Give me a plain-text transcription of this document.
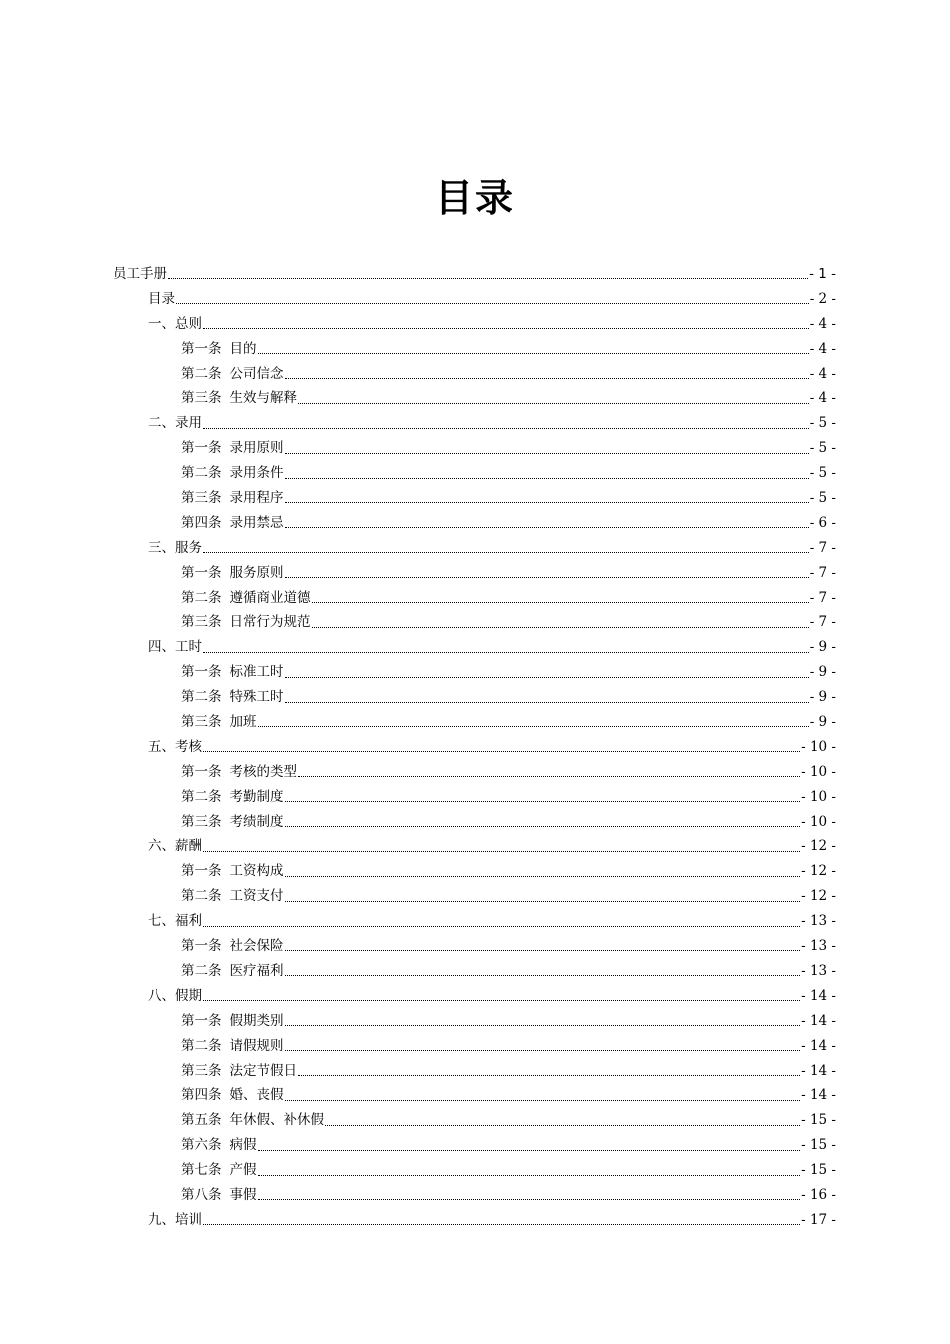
目录
员工手册	- 1 -
目录	- 2 -
一、总则	- 4 -
第一条 目的	- 4 -
第二条 公司信念	- 4 -
第三条 生效与解释	- 4 -
二、录用	- 5 -
第一条 录用原则	- 5 -
第二条 录用条件	- 5 -
第三条 录用程序	- 5 -
第四条 录用禁忌	- 6 -
三、服务	- 7 -
第一条 服务原则	- 7 -
第二条 遵循商业道德	- 7 -
第三条 日常行为规范	- 7 -
四、工时	- 9 -
第一条 标准工时	- 9 -
第二条 特殊工时	- 9 -
第三条 加班	- 9 -
五、考核	- 10 -
第一条 考核的类型	- 10 -
第二条 考勤制度	- 10 -
第三条 考绩制度	- 10 -
六、薪酬	- 12 -
第一条 工资构成	- 12 -
第二条 工资支付	- 12 -
七、福利	- 13 -
第一条 社会保险	- 13 -
第二条 医疗福利	- 13 -
八、假期	- 14 -
第一条 假期类别	- 14 -
第二条 请假规则	- 14 -
第三条 法定节假日	- 14 -
第四条 婚、丧假	- 14 -
第五条 年休假、补休假	- 15 -
第六条 病假	- 15 -
第七条 产假	- 15 -
第八条 事假	- 16 -
九、培训	- 17 -
